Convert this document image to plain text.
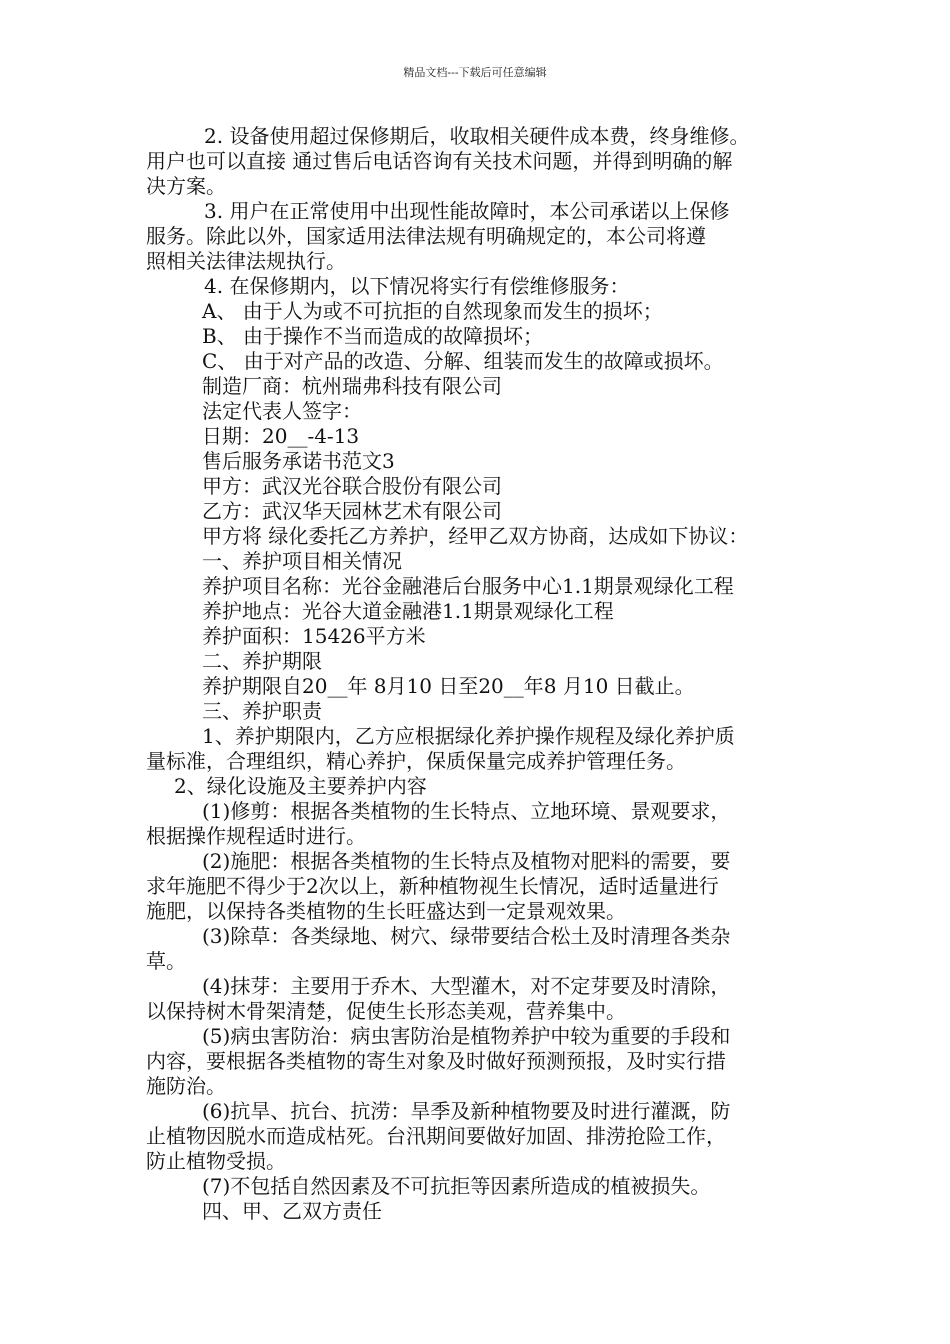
精品文档---下载后可任意编辑

2. 设备使用超过保修期后，收取相关硬件成本费，终身维修。

用户也可以直接 通过售后电话咨询有关技术问题，并得到明确的解

决方案。

3. 用户在正常使用中出现性能故障时，本公司承诺以上保修

服务。除此以外，国家适用法律法规有明确规定的，本公司将遵

照相关法律法规执行。

4. 在保修期内，以下情况将实行有偿维修服务：

A、 由于人为或不可抗拒的自然现象而发生的损坏；

B、 由于操作不当而造成的故障损坏；

C、 由于对产品的改造、分解、组装而发生的故障或损坏。

制造厂商：杭州瑞弗科技有限公司

法定代表人签字：

日期：20__-4-13

售后服务承诺书范文3

甲方：武汉光谷联合股份有限公司

乙方：武汉华天园林艺术有限公司

甲方将 绿化委托乙方养护，经甲乙双方协商，达成如下协议：

一、养护项目相关情况

养护项目名称：光谷金融港后台服务中心1.1期景观绿化工程

养护地点：光谷大道金融港1.1期景观绿化工程

养护面积：15426平方米

二、养护期限

养护期限自20__年 8月10 日至20__年8 月10 日截止。

三、养护职责

1、养护期限内，乙方应根据绿化养护操作规程及绿化养护质

量标准，合理组织，精心养护，保质保量完成养护管理任务。

2、绿化设施及主要养护内容

(1)修剪：根据各类植物的生长特点、立地环境、景观要求，

根据操作规程适时进行。

(2)施肥：根据各类植物的生长特点及植物对肥料的需要，要

求年施肥不得少于2次以上，新种植物视生长情况，适时适量进行

施肥，以保持各类植物的生长旺盛达到一定景观效果。

(3)除草：各类绿地、树穴、绿带要结合松土及时清理各类杂

草。

(4)抹芽：主要用于乔木、大型灌木，对不定芽要及时清除，

以保持树木骨架清楚，促使生长形态美观，营养集中。

(5)病虫害防治：病虫害防治是植物养护中较为重要的手段和

内容，要根据各类植物的寄生对象及时做好预测预报，及时实行措

施防治。

(6)抗旱、抗台、抗涝：旱季及新种植物要及时进行灌溉，防

止植物因脱水而造成枯死。台汛期间要做好加固、排涝抢险工作，

防止植物受损。

(7)不包括自然因素及不可抗拒等因素所造成的植被损失。

四、甲、乙双方责任
